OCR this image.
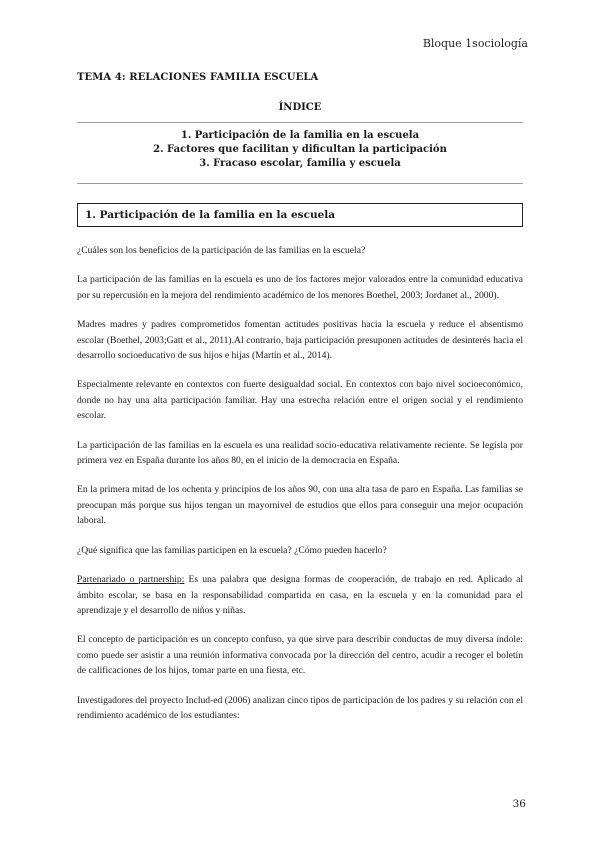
Bloque 1sociología
TEMA 4: RELACIONES FAMILIA ESCUELA
ÍNDICE
1. Participación de la familia en la escuela
2. Factores que facilitan y dificultan la participación
3. Fracaso escolar, familia y escuela
1. Participación de la familia en la escuela

¿Cuáles son los beneficios de la participación de las familias en la escuela?

La participación de las familias en la escuela es uno de los factores mejor valorados entre la comunidad educativa por su repercusión en la mejora del rendimiento académico de los menores Boethel, 2003; Jordanet al., 2000).

Madres madres y padres comprometidos fomentan actitudes positivas hacia la escuela y reduce el absentismo escolar (Boethel, 2003;Gatt et al., 2011).Al contrario, baja participación presuponen actitudes de desinterés hacia el desarrollo socioeducativo de sus hijos e hijas (Martín et al., 2014).

Especialmente relevante en contextos con fuerte desigualdad social. En contextos con bajo nivel socioeconómico, donde no hay una alta participación familiar. Hay una estrecha relación entre el origen social y el rendimiento escolar.

La participación de las familias en la escuela es una realidad socio-educativa relativamente reciente. Se legisla por primera vez en España durante los años 80, en el inicio de la democracia en España.

En la primera mitad de los ochenta y principios de los años 90, con una alta tasa de paro en España. Las familias se preocupan más porque sus hijos tengan un mayornivel de estudios que ellos para conseguir una mejor ocupación laboral.

¿Qué significa que las familias participen en la escuela? ¿Cómo pueden hacerlo?

Partenariado o partnership: Es una palabra que designa formas de cooperación, de trabajo en red. Aplicado al ámbito escolar, se basa en la responsabilidad compartida en casa, en la escuela y en la comunidad para el aprendizaje y el desarrollo de niños y niñas.

El concepto de participación es un concepto confuso, ya que sirve para describir conductas de muy diversa índole: como puede ser asistir a una reunión informativa convocada por la dirección del centro, acudir a recoger el boletín de calificaciones de los hijos, tomar parte en una fiesta, etc.

Investigadores del proyecto Includ-ed (2006) analizan cinco tipos de participación de los padres y su relación con el rendimiento académico de los estudiantes:

36
